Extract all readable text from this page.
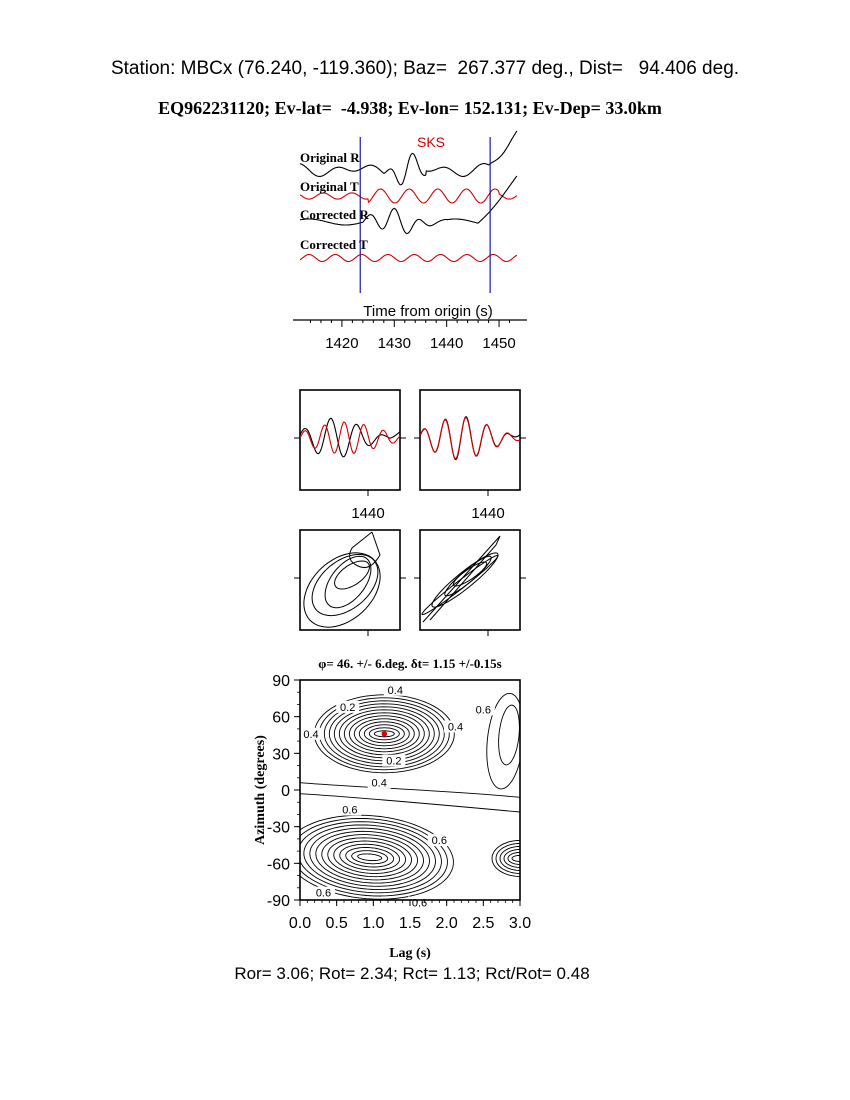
Station: MBCx (76.240, -119.360); Baz=  267.377 deg., Dist=   94.406 deg.
EQ962231120; Ev-lat=  -4.938; Ev-lon= 152.131; Ev-Dep= 33.0km
Original R
Original T
Corrected R
Corrected T
SKS
Time from origin (s)
1420 1430 1440 1450
1440	1440
φ= 46. +/- 6.deg. δt= 1.15 +/-0.15s
0.4
0.2
0.4
0.4
0.6
0.2
0.4
0.6
0.6
0.6
0.6
90
60
30
0
-30
-60
-90
0.0 0.5 1.0 1.5 2.0 2.5 3.0
Lag (s)
Azimuth (degrees)
Ror= 3.06; Rot= 2.34; Rct= 1.13; Rct/Rot= 0.48
